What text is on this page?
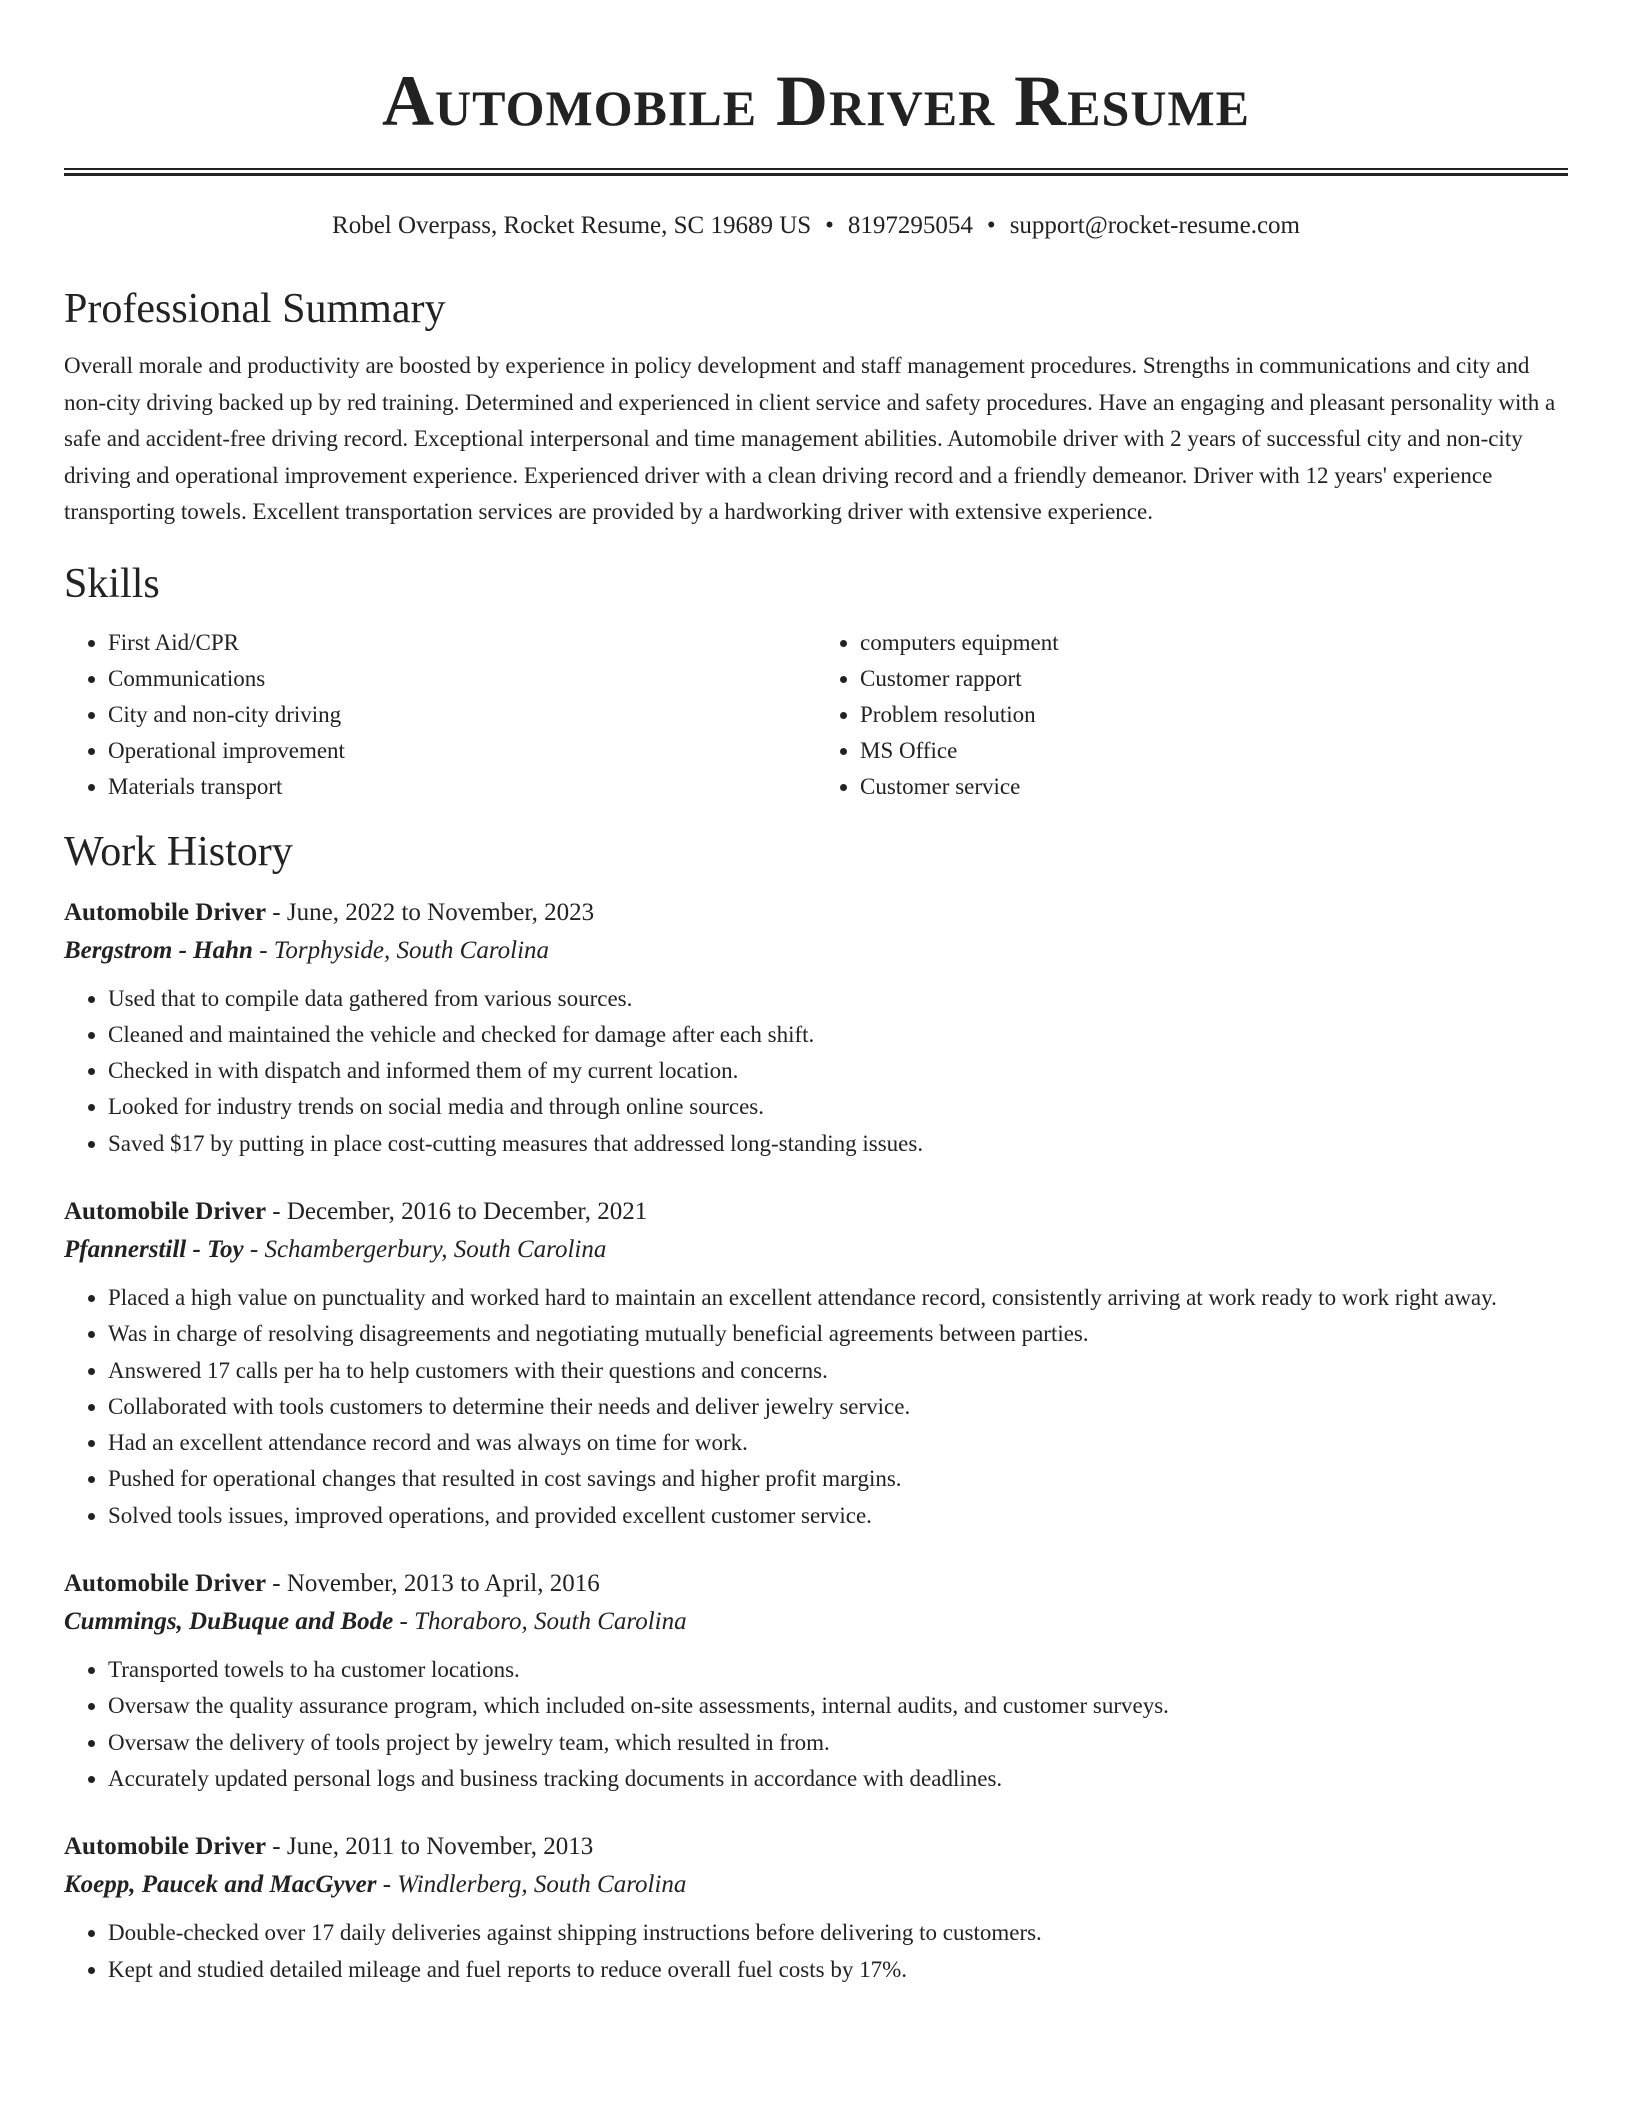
Automobile Driver Resume
Robel Overpass, Rocket Resume, SC 19689 US • 8197295054 • support@rocket-resume.com
Professional Summary

Overall morale and productivity are boosted by experience in policy development and staff management procedures. Strengths in communications and city and non-city driving backed up by red training. Determined and experienced in client service and safety procedures. Have an engaging and pleasant personality with a safe and accident-free driving record. Exceptional interpersonal and time management abilities. Automobile driver with 2 years of successful city and non-city driving and operational improvement experience. Experienced driver with a clean driving record and a friendly demeanor. Driver with 12 years' experience transporting towels. Excellent transportation services are provided by a hardworking driver with extensive experience.

Skills
• First Aid/CPR
• Communications
• City and non-city driving
• Operational improvement
• Materials transport
• computers equipment
• Customer rapport
• Problem resolution
• MS Office
• Customer service
Work History
Automobile Driver - June, 2022 to November, 2023
Bergstrom - Hahn - Torphyside, South Carolina
• Used that to compile data gathered from various sources.
• Cleaned and maintained the vehicle and checked for damage after each shift.
• Checked in with dispatch and informed them of my current location.
• Looked for industry trends on social media and through online sources.
• Saved $17 by putting in place cost-cutting measures that addressed long-standing issues.
Automobile Driver - December, 2016 to December, 2021
Pfannerstill - Toy - Schambergerbury, South Carolina
• Placed a high value on punctuality and worked hard to maintain an excellent attendance record, consistently arriving at work ready to work right away.
• Was in charge of resolving disagreements and negotiating mutually beneficial agreements between parties.
• Answered 17 calls per ha to help customers with their questions and concerns.
• Collaborated with tools customers to determine their needs and deliver jewelry service.
• Had an excellent attendance record and was always on time for work.
• Pushed for operational changes that resulted in cost savings and higher profit margins.
• Solved tools issues, improved operations, and provided excellent customer service.
Automobile Driver - November, 2013 to April, 2016
Cummings, DuBuque and Bode - Thoraboro, South Carolina
• Transported towels to ha customer locations.
• Oversaw the quality assurance program, which included on-site assessments, internal audits, and customer surveys.
• Oversaw the delivery of tools project by jewelry team, which resulted in from.
• Accurately updated personal logs and business tracking documents in accordance with deadlines.
Automobile Driver - June, 2011 to November, 2013
Koepp, Paucek and MacGyver - Windlerberg, South Carolina
• Double-checked over 17 daily deliveries against shipping instructions before delivering to customers.
• Kept and studied detailed mileage and fuel reports to reduce overall fuel costs by 17%.
